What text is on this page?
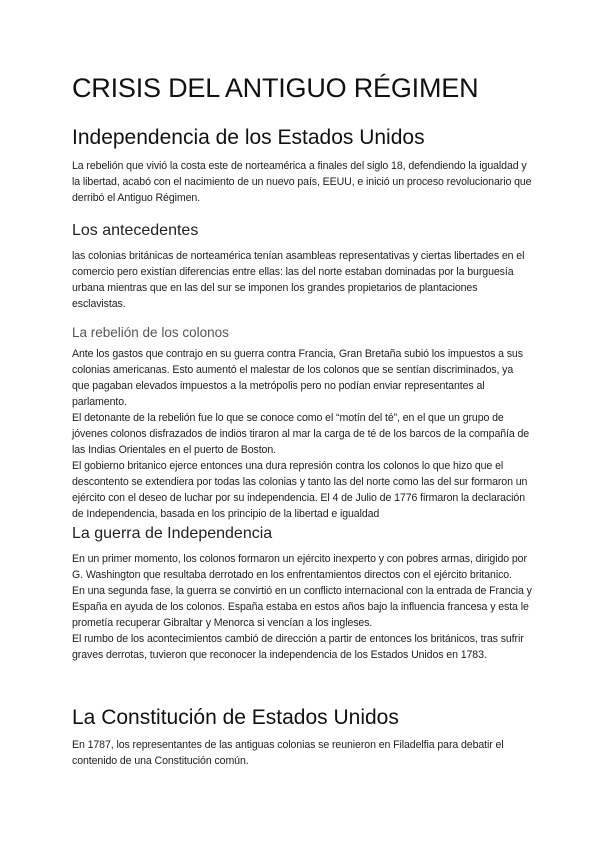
CRISIS DEL ANTIGUO RÉGIMEN
Independencia de los Estados Unidos

La rebelión que vivió la costa este de norteamérica a finales del siglo 18, defendiendo la igualdad y la libertad, acabó con el nacimiento de un nuevo país, EEUU, e inició un proceso revolucionario que derribó el Antiguo Régimen.

Los antecedentes

las colonias británicas de norteamérica tenían asambleas representativas y ciertas libertades en el comercio pero existían diferencias entre ellas: las del norte estaban dominadas por la burguesía urbana mientras que en las del sur se imponen los grandes propietarios de plantaciones esclavistas.

La rebelión de los colonos

Ante los gastos que contrajo en su guerra contra Francia, Gran Bretaña subió los impuestos a sus colonias americanas. Esto aumentó el malestar de los colonos que se sentían discriminados, ya que pagaban elevados impuestos a la metrópolis pero no podían enviar representantes al parlamento.
El detonante de la rebelión fue lo que se conoce como el “motín del té”, en el que un grupo de jóvenes colonos disfrazados de indios tiraron al mar la carga de té de los barcos de la compañía de las Indias Orientales en el puerto de Boston.
El gobierno britanico ejerce entonces una dura represión contra los colonos lo que hizo que el descontento se extendiera por todas las colonias y tanto las del norte como las del sur formaron un ejército con el deseo de luchar por su independencia. El 4 de Julio de 1776 firmaron la declaración de Independencia, basada en los principio de la libertad e igualdad

La guerra de Independencia

En un primer momento, los colonos formaron un ejército inexperto y con pobres armas, dirigido por G. Washington que resultaba derrotado en los enfrentamientos directos con el ejército britanico.
En una segunda fase, la guerra se convirtió en un conflicto internacional con la entrada de Francia y España en ayuda de los colonos. España estaba en estos años bajo la influencia francesa y esta le prometía recuperar Gibraltar y Menorca si vencían a los ingleses.
El rumbo de los acontecimientos cambió de dirección a partir de entonces los británicos, tras sufrir graves derrotas, tuvieron que reconocer la independencia de los Estados Unidos en 1783.

La Constitución de Estados Unidos

En 1787, los representantes de las antiguas colonias se reunieron en Filadelfia para debatir el contenido de una Constitución común.
